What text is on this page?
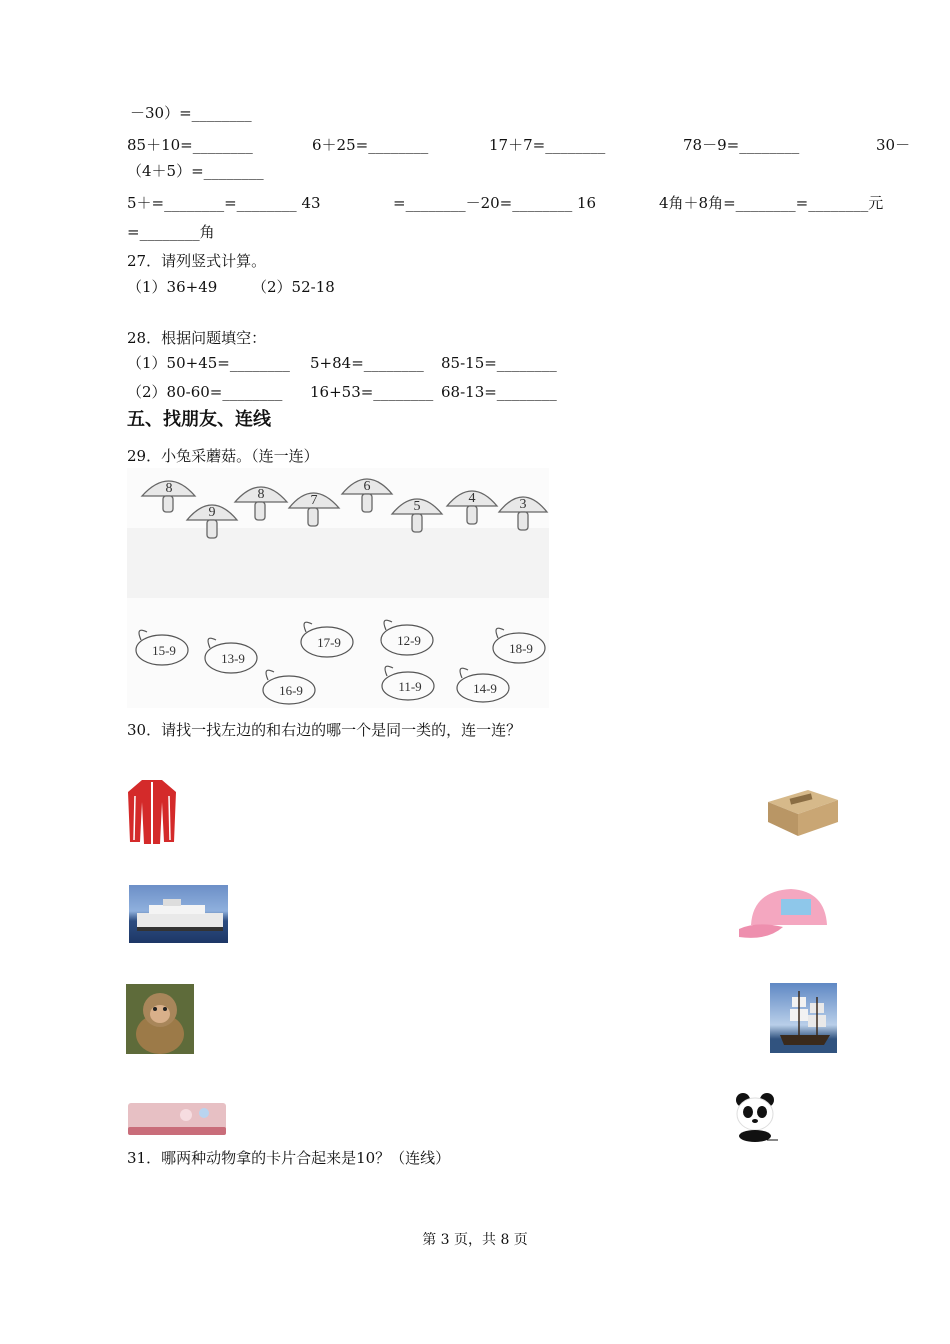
－30）=________
85＋10=________	6＋25=________	17＋7=________	78－9=________	30－
（4＋5）=________
5＋=________=________ 43	=________－20=________ 16	4角＋8角=________=________元
=________角
27．请列竖式计算。
（1）36+49 （2）52-18
28．根据问题填空：
（1）50+45=________ 5+84=________ 85-15=________
（2）80-60=________ 16+53=________ 68-13=________
五、找朋友、连线
29．小兔采蘑菇。（连一连）
8
9
8	7
6
5
4	3
15-9
13-9
17-9	12-9
18-9
16-9	11-9	14-9
30．请找一找左边的和右边的哪一个是同一类的，连一连？
31．哪两种动物拿的卡片合起来是10？（连线）
第 3 页，共 8 页
